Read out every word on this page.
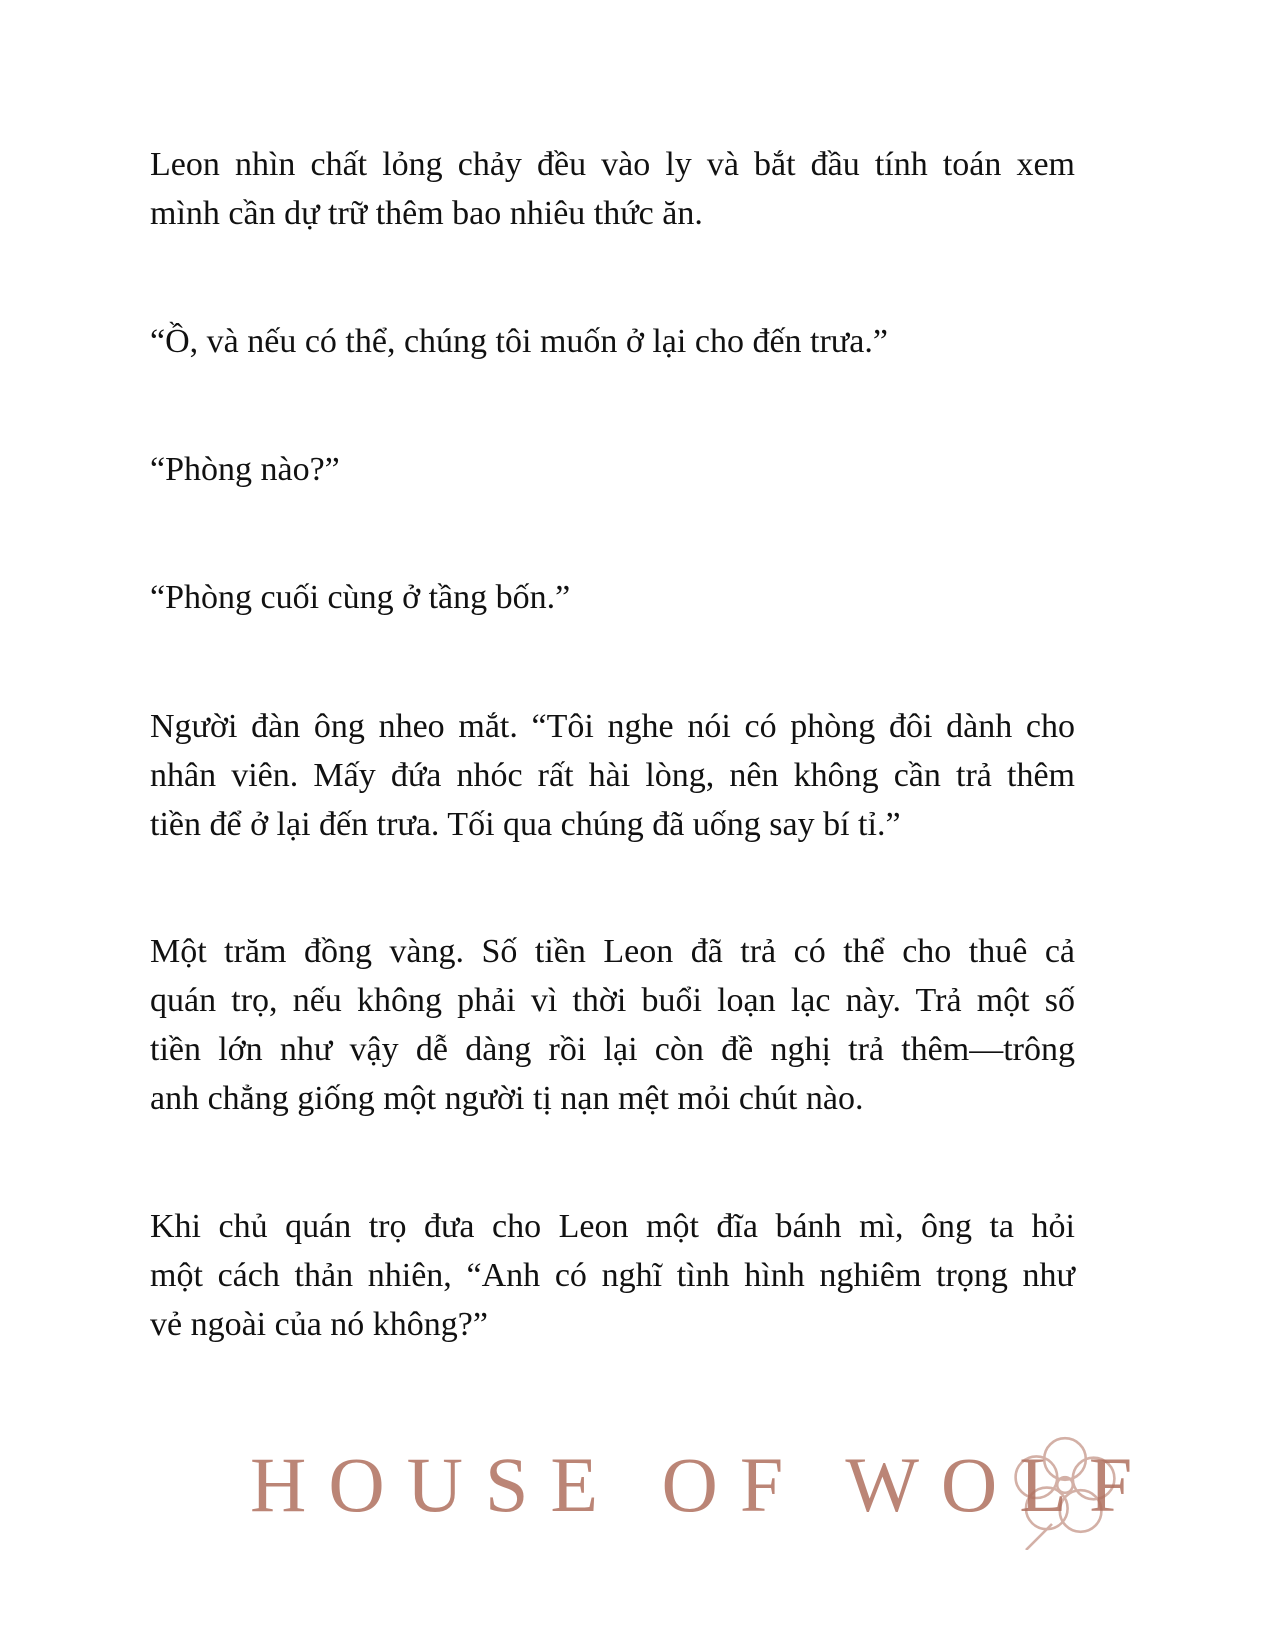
HOUSE OF WOLF
Leon nhìn chất lỏng chảy đều vào ly và bắt đầu tính toán xem
mình cần dự trữ thêm bao nhiêu thức ăn.
“Ồ, và nếu có thể, chúng tôi muốn ở lại cho đến trưa.”
“Phòng nào?”
“Phòng cuối cùng ở tầng bốn.”
Người đàn ông nheo mắt. “Tôi nghe nói có phòng đôi dành cho
nhân viên. Mấy đứa nhóc rất hài lòng, nên không cần trả thêm
tiền để ở lại đến trưa. Tối qua chúng đã uống say bí tỉ.”
Một trăm đồng vàng. Số tiền Leon đã trả có thể cho thuê cả
quán trọ, nếu không phải vì thời buổi loạn lạc này. Trả một số
tiền lớn như vậy dễ dàng rồi lại còn đề nghị trả thêm—trông
anh chẳng giống một người tị nạn mệt mỏi chút nào.
Khi chủ quán trọ đưa cho Leon một đĩa bánh mì, ông ta hỏi
một cách thản nhiên, “Anh có nghĩ tình hình nghiêm trọng như
vẻ ngoài của nó không?”
